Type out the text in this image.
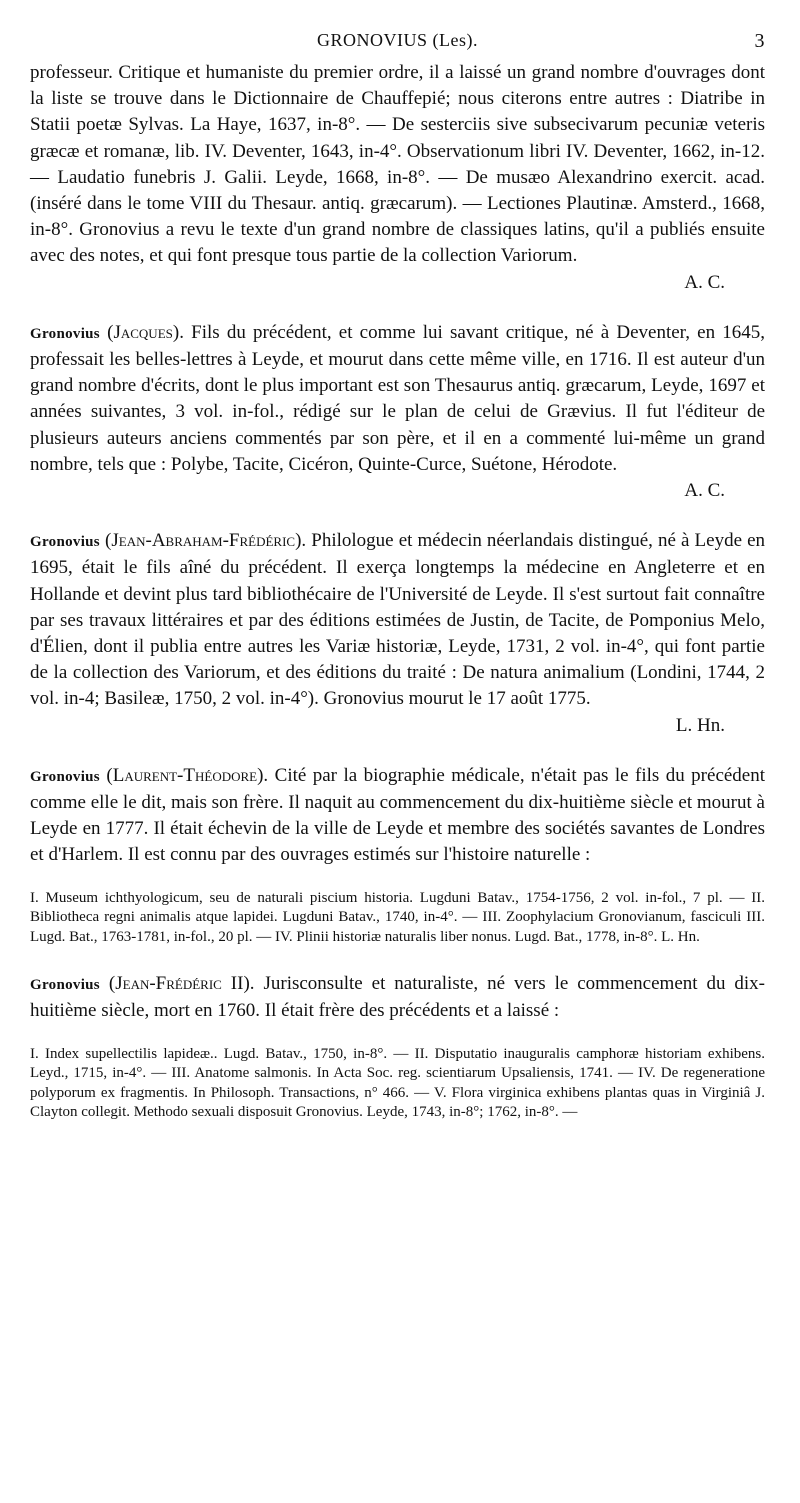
GRONOVIUS (Les).	3

professeur. Critique et humaniste du premier ordre, il a laissé un grand nombre d'ouvrages dont la liste se trouve dans le Dictionnaire de Chauffepié; nous citerons entre autres : Diatribe in Statii poetæ Sylvas. La Haye, 1637, in-8°. — De sesterciis sive subsecivarum pecuniæ veteris græcæ et romanæ, lib. IV. Deventer, 1643, in-4°. Observationum libri IV. Deventer, 1662, in-12. — Laudatio funebris J. Galii. Leyde, 1668, in-8°. — De musæo Alexandrino exercit. acad. (inséré dans le tome VIII du Thesaur. antiq. græcarum). — Lectiones Plautinæ. Amsterd., 1668, in-8°. Gronovius a revu le texte d'un grand nombre de classiques latins, qu'il a publiés ensuite avec des notes, et qui font presque tous partie de la collection Variorum.

A. C.

Gronovius (Jacques). Fils du précédent, et comme lui savant critique, né à Deventer, en 1645, professait les belles-lettres à Leyde, et mourut dans cette même ville, en 1716. Il est auteur d'un grand nombre d'écrits, dont le plus important est son Thesaurus antiq. græcarum, Leyde, 1697 et années suivantes, 3 vol. in-fol., rédigé sur le plan de celui de Grævius. Il fut l'éditeur de plusieurs auteurs anciens commentés par son père, et il en a commenté lui-même un grand nombre, tels que : Polybe, Tacite, Cicéron, Quinte-Curce, Suétone, Hérodote.

A. C.

Gronovius (Jean-Abraham-Frédéric). Philologue et médecin néerlandais distingué, né à Leyde en 1695, était le fils aîné du précédent. Il exerça longtemps la médecine en Angleterre et en Hollande et devint plus tard bibliothécaire de l'Université de Leyde. Il s'est surtout fait connaître par ses travaux littéraires et par des éditions estimées de Justin, de Tacite, de Pomponius Melo, d'Élien, dont il publia entre autres les Variæ historiæ, Leyde, 1731, 2 vol. in-4°, qui font partie de la collection des Variorum, et des éditions du traité : De natura animalium (Londini, 1744, 2 vol. in-4; Basileæ, 1750, 2 vol. in-4°). Gronovius mourut le 17 août 1775.

L. Hn.

Gronovius (Laurent-Théodore). Cité par la biographie médicale, n'était pas le fils du précédent comme elle le dit, mais son frère. Il naquit au commencement du dix-huitième siècle et mourut à Leyde en 1777. Il était échevin de la ville de Leyde et membre des sociétés savantes de Londres et d'Harlem. Il est connu par des ouvrages estimés sur l'histoire naturelle :

I. Museum ichthyologicum, seu de naturali piscium historia. Lugduni Batav., 1754-1756, 2 vol. in-fol., 7 pl. — II. Bibliotheca regni animalis atque lapidei. Lugduni Batav., 1740, in-4°. — III. Zoophylacium Gronovianum, fasciculi III. Lugd. Bat., 1763-1781, in-fol., 20 pl. — IV. Plinii historiæ naturalis liber nonus. Lugd. Bat., 1778, in-8°. L. Hn.

Gronovius (Jean-Frédéric II). Jurisconsulte et naturaliste, né vers le commencement du dix-huitième siècle, mort en 1760. Il était frère des précédents et a laissé :

I. Index supellectilis lapideæ.. Lugd. Batav., 1750, in-8°. — II. Disputatio inauguralis camphoræ historiam exhibens. Leyd., 1715, in-4°. — III. Anatome salmonis. In Acta Soc. reg. scientiarum Upsaliensis, 1741. — IV. De regeneratione polyporum ex fragmentis. In Philosoph. Transactions, n° 466. — V. Flora virginica exhibens plantas quas in Virginiâ J. Clayton collegit. Methodo sexuali disposuit Gronovius. Leyde, 1743, in-8°; 1762, in-8°. —
